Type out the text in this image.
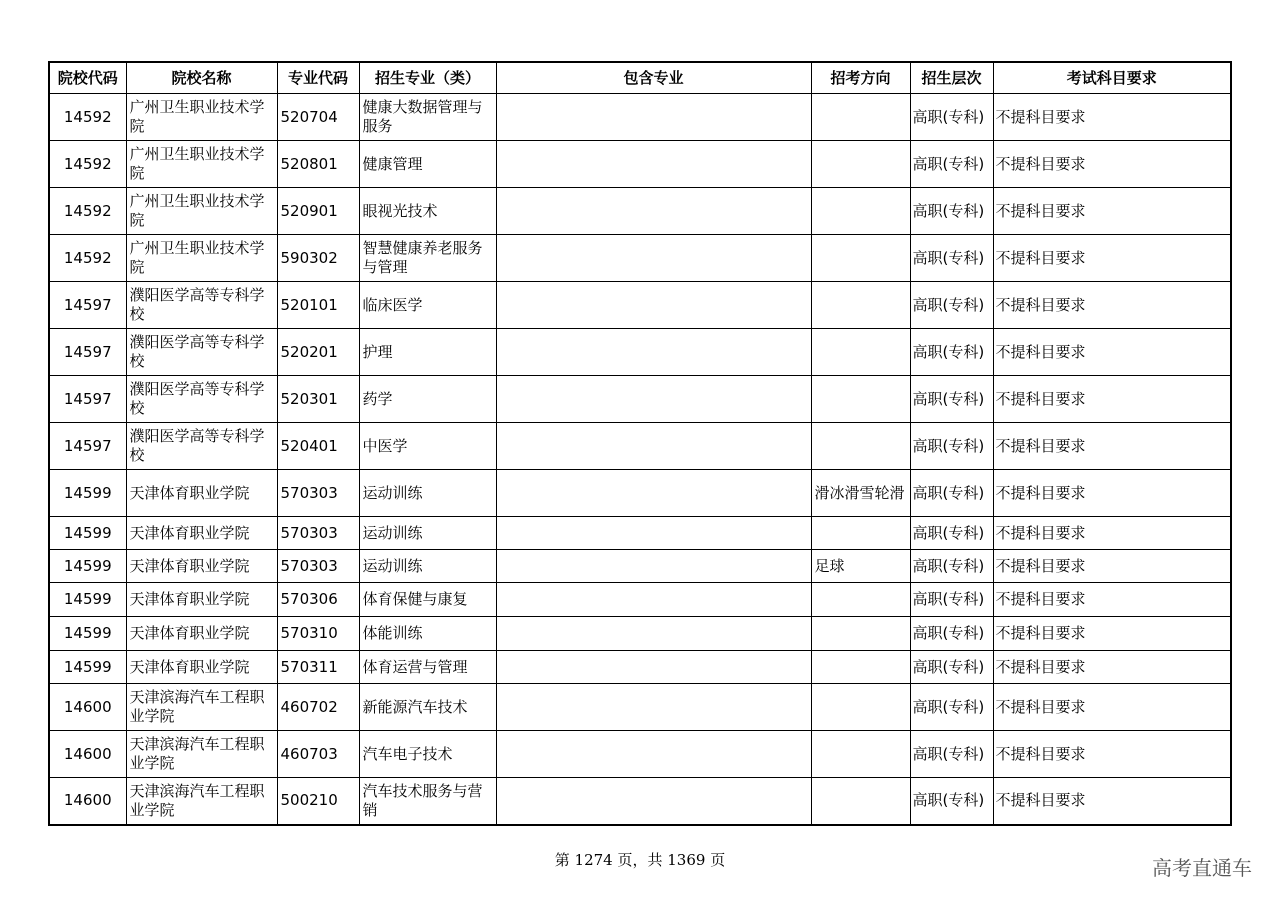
院校代码	院校名称	专业代码	招生专业（类）	包含专业	招考方向	招生层次	考试科目要求
14592	广州卫生职业技术学院	520704	健康大数据管理与服务			高职(专科)	不提科目要求
14592	广州卫生职业技术学院	520801	健康管理			高职(专科)	不提科目要求
14592	广州卫生职业技术学院	520901	眼视光技术			高职(专科)	不提科目要求
14592	广州卫生职业技术学院	590302	智慧健康养老服务与管理			高职(专科)	不提科目要求
14597	濮阳医学高等专科学校	520101	临床医学			高职(专科)	不提科目要求
14597	濮阳医学高等专科学校	520201	护理			高职(专科)	不提科目要求
14597	濮阳医学高等专科学校	520301	药学			高职(专科)	不提科目要求
14597	濮阳医学高等专科学校	520401	中医学			高职(专科)	不提科目要求
14599	天津体育职业学院	570303	运动训练		滑冰滑雪轮滑	高职(专科)	不提科目要求
14599	天津体育职业学院	570303	运动训练			高职(专科)	不提科目要求
14599	天津体育职业学院	570303	运动训练		足球	高职(专科)	不提科目要求
14599	天津体育职业学院	570306	体育保健与康复			高职(专科)	不提科目要求
14599	天津体育职业学院	570310	体能训练			高职(专科)	不提科目要求
14599	天津体育职业学院	570311	体育运营与管理			高职(专科)	不提科目要求
14600	天津滨海汽车工程职业学院	460702	新能源汽车技术			高职(专科)	不提科目要求
14600	天津滨海汽车工程职业学院	460703	汽车电子技术			高职(专科)	不提科目要求
14600	天津滨海汽车工程职业学院	500210	汽车技术服务与营销			高职(专科)	不提科目要求
第 1274 页，共 1369 页	高考直通车
